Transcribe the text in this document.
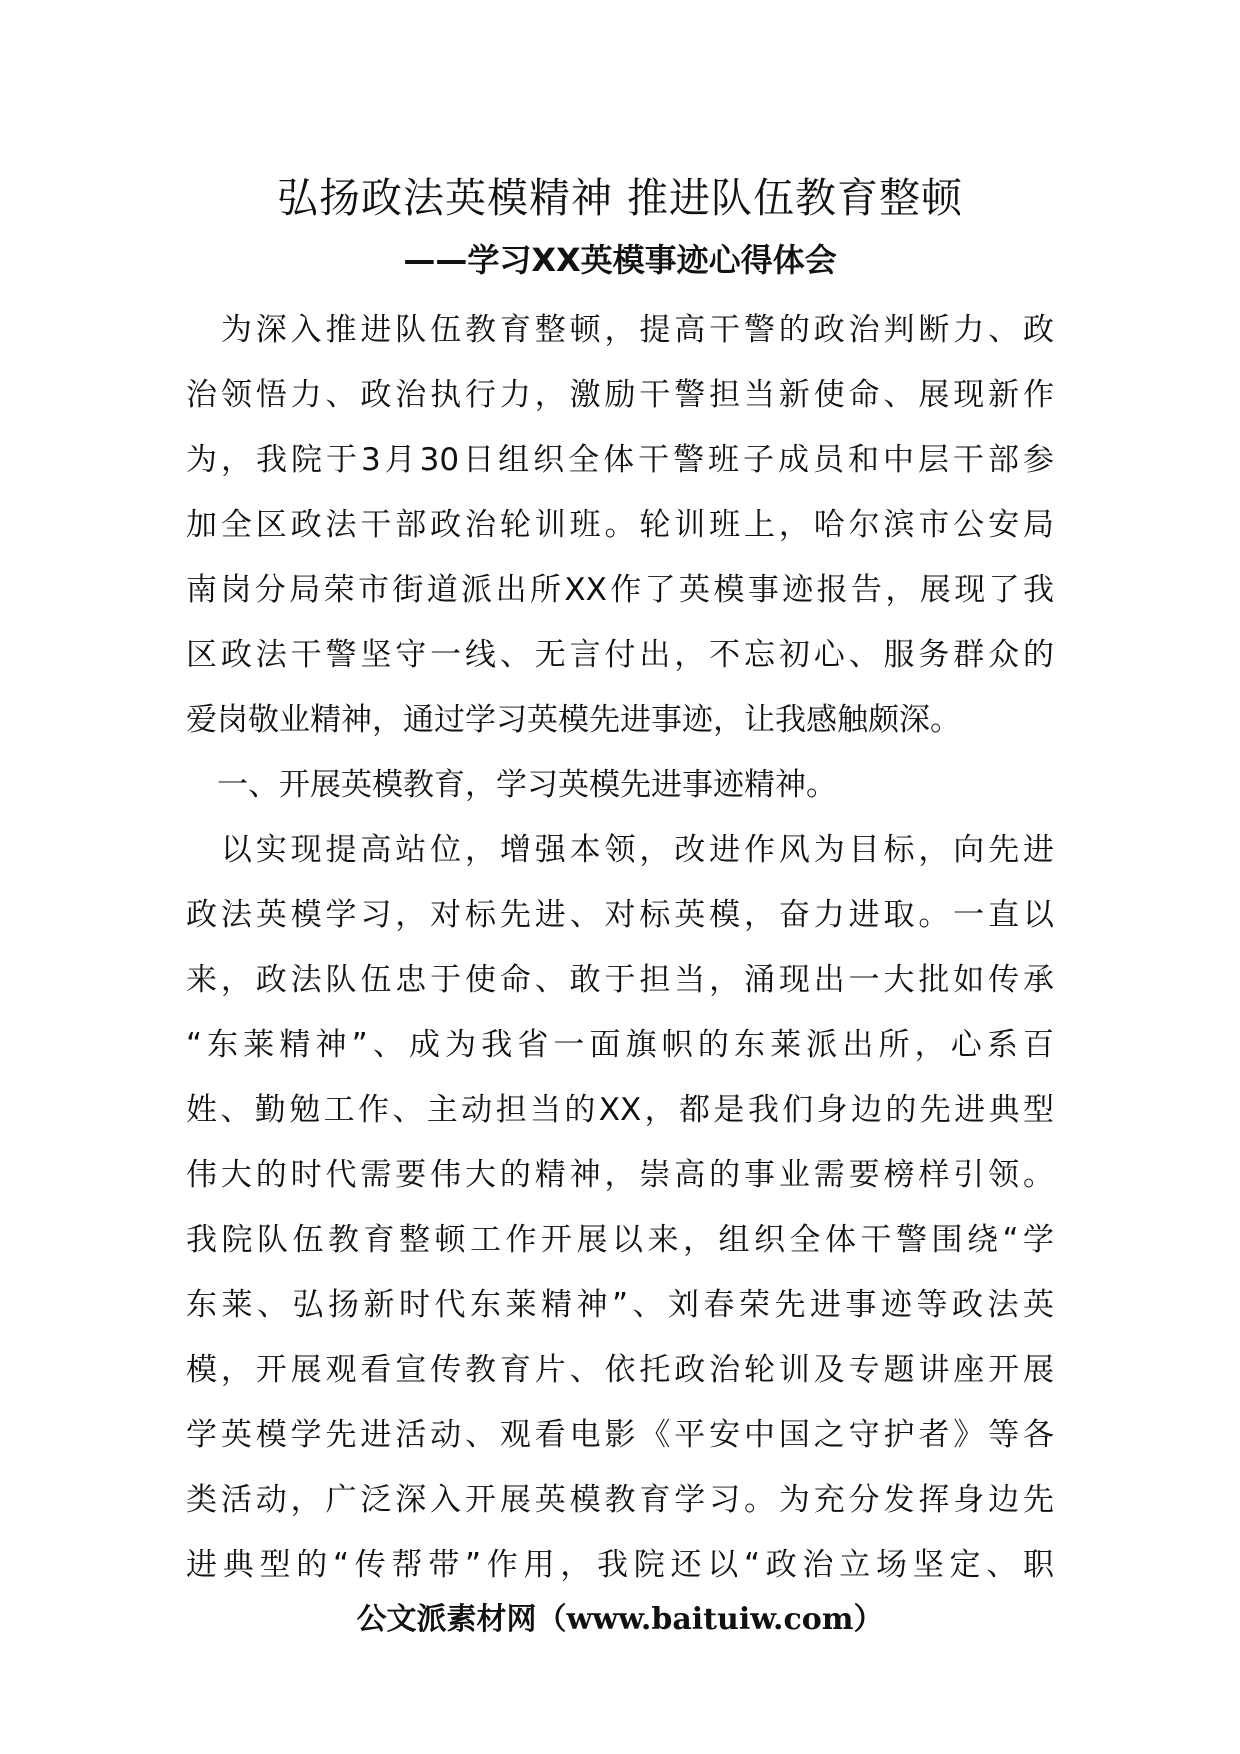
弘扬政法英模精神 推进队伍教育整顿
——学习XX英模事迹心得体会
　为深入推进队伍教育整顿，提高干警的政治判断力、政
治领悟力、政治执行力，激励干警担当新使命、展现新作
为，我院于3月30日组织全体干警班子成员和中层干部参
加全区政法干部政治轮训班。轮训班上，哈尔滨市公安局
南岗分局荣市街道派出所XX作了英模事迹报告，展现了我
区政法干警坚守一线、无言付出，不忘初心、服务群众的
爱岗敬业精神，通过学习英模先进事迹，让我感触颇深。
　一、开展英模教育，学习英模先进事迹精神。
　以实现提高站位，增强本领，改进作风为目标，向先进
政法英模学习，对标先进、对标英模，奋力进取。一直以
来，政法队伍忠于使命、敢于担当，涌现出一大批如传承
“东莱精神”、成为我省一面旗帜的东莱派出所，心系百
姓、勤勉工作、主动担当的XX，都是我们身边的先进典型
伟大的时代需要伟大的精神，崇高的事业需要榜样引领。
我院队伍教育整顿工作开展以来，组织全体干警围绕“学
东莱、弘扬新时代东莱精神”、刘春荣先进事迹等政法英
模，开展观看宣传教育片、依托政治轮训及专题讲座开展
学英模学先进活动、观看电影《平安中国之守护者》等各
类活动，广泛深入开展英模教育学习。为充分发挥身边先
进典型的“传帮带”作用，我院还以“政治立场坚定、职
公文派素材网（www.baituiw.com）
